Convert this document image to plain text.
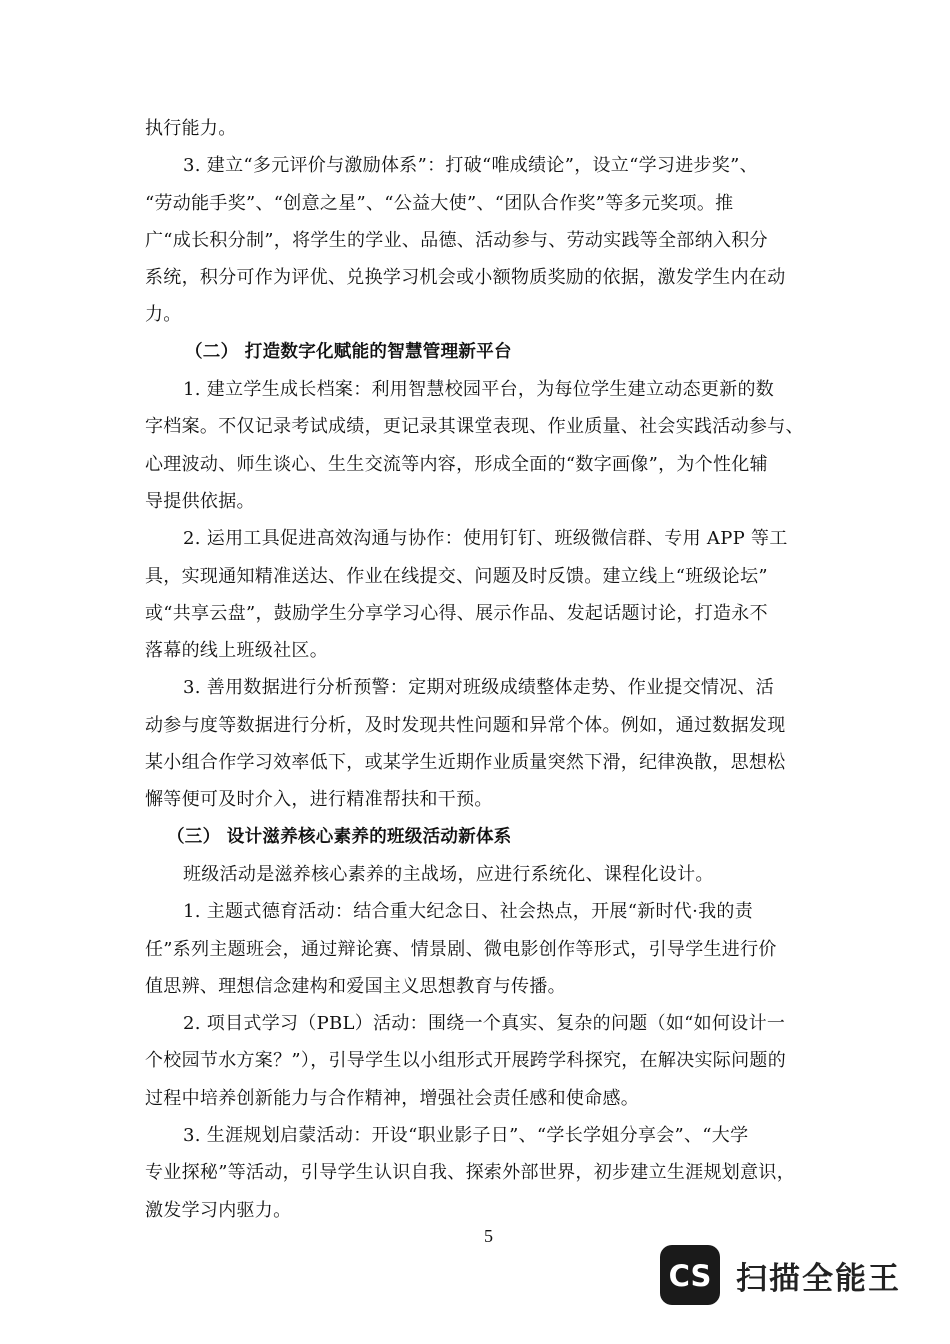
执行能力。
3. 建立“多元评价与激励体系”：打破“唯成绩论”，设立“学习进步奖”、
“劳动能手奖”、“创意之星”、“公益大使”、“团队合作奖”等多元奖项。推
广“成长积分制”，将学生的学业、品德、活动参与、劳动实践等全部纳入积分
系统，积分可作为评优、兑换学习机会或小额物质奖励的依据，激发学生内在动
力。
（二） 打造数字化赋能的智慧管理新平台
1. 建立学生成长档案：利用智慧校园平台，为每位学生建立动态更新的数
字档案。不仅记录考试成绩，更记录其课堂表现、作业质量、社会实践活动参与、
心理波动、师生谈心、生生交流等内容，形成全面的“数字画像”，为个性化辅
导提供依据。
2. 运用工具促进高效沟通与协作：使用钉钉、班级微信群、专用 APP 等工
具，实现通知精准送达、作业在线提交、问题及时反馈。建立线上“班级论坛”
或“共享云盘”，鼓励学生分享学习心得、展示作品、发起话题讨论，打造永不
落幕的线上班级社区。
3. 善用数据进行分析预警：定期对班级成绩整体走势、作业提交情况、活
动参与度等数据进行分析，及时发现共性问题和异常个体。例如，通过数据发现
某小组合作学习效率低下，或某学生近期作业质量突然下滑，纪律涣散，思想松
懈等便可及时介入，进行精准帮扶和干预。
（三） 设计滋养核心素养的班级活动新体系
班级活动是滋养核心素养的主战场，应进行系统化、课程化设计。
1. 主题式德育活动：结合重大纪念日、社会热点，开展“新时代·我的责
任”系列主题班会，通过辩论赛、情景剧、微电影创作等形式，引导学生进行价
值思辨、理想信念建构和爱国主义思想教育与传播。
2. 项目式学习（PBL）活动：围绕一个真实、复杂的问题（如“如何设计一
个校园节水方案？”），引导学生以小组形式开展跨学科探究，在解决实际问题的
过程中培养创新能力与合作精神，增强社会责任感和使命感。
3. 生涯规划启蒙活动：开设“职业影子日”、“学长学姐分享会”、“大学
专业探秘”等活动，引导学生认识自我、探索外部世界，初步建立生涯规划意识，
激发学习内驱力。
5
CS 扫描全能王
